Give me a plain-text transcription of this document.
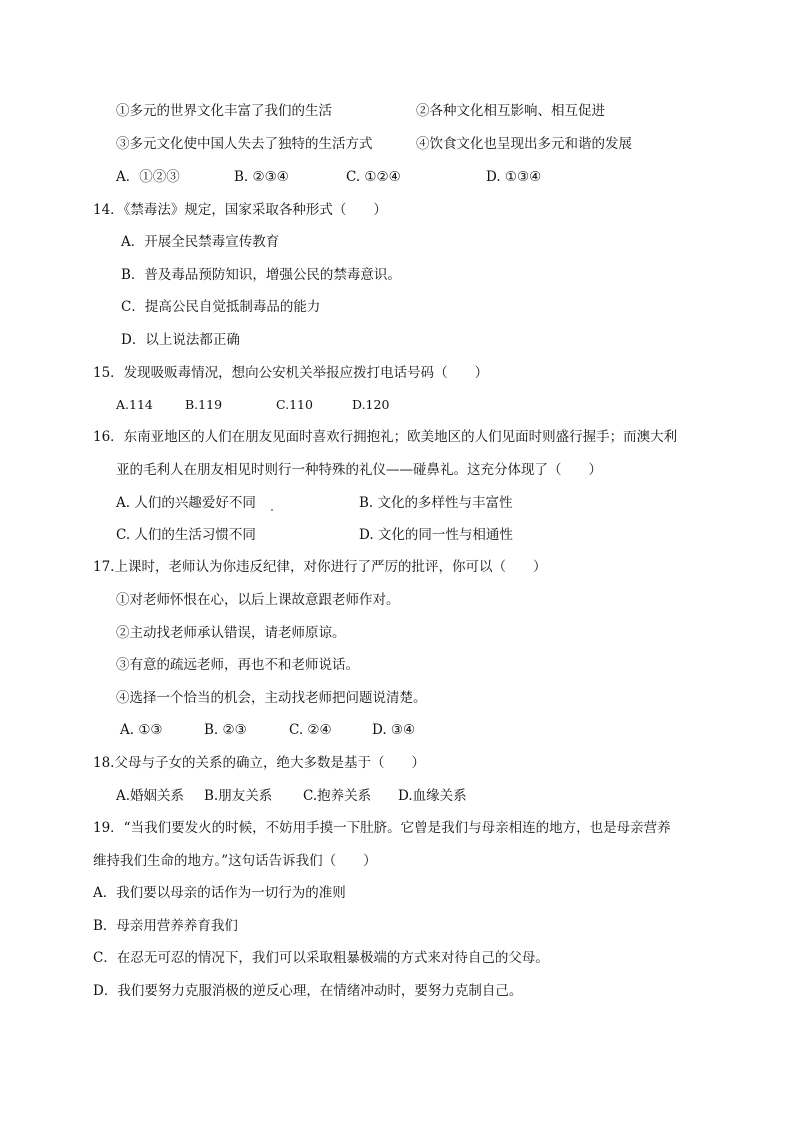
①多元的世界文化丰富了我们的生活	②各种文化相互影响、相互促进
③多元文化使中国人失去了独特的生活方式	④饮食文化也呈现出多元和谐的发展
A．①②③	B. ②③④	C. ①②④	D. ①③④
14．《禁毒法》规定，国家采取各种形式（　　）
A．开展全民禁毒宣传教育
B．普及毒品预防知识，增强公民的禁毒意识。
C．提高公民自觉抵制毒品的能力
D．以上说法都正确
15．发现吸贩毒情况，想向公安机关举报应拨打电话号码（　　）
A.114	B.119	C.110	D.120
16．东南亚地区的人们在朋友见面时喜欢行拥抱礼；欧美地区的人们见面时则盛行握手；而澳大利
亚的毛利人在朋友相见时则行一种特殊的礼仪——碰鼻礼。这充分体现了（　　）
A. 人们的兴趣爱好不同	B. 文化的多样性与丰富性
C. 人们的生活习惯不同	D. 文化的同一性与相通性
17.上课时，老师认为你违反纪律，对你进行了严厉的批评，你可以（　　）
①对老师怀恨在心，以后上课故意跟老师作对。
②主动找老师承认错误，请老师原谅。
③有意的疏远老师，再也不和老师说话。
④选择一个恰当的机会，主动找老师把问题说清楚。
A. ①③	B. ②③	C. ②④	D. ③④
18.父母与子女的关系的确立，绝大多数是基于（　　）
A.婚姻关系 B.朋友关系 C.抱养关系 D.血缘关系
19．“当我们要发火的时候，不妨用手摸一下肚脐。它曾是我们与母亲相连的地方，也是母亲营养
维持我们生命的地方。”这句话告诉我们（　　）
A．我们要以母亲的话作为一切行为的准则
B．母亲用营养养育我们
C．在忍无可忍的情况下，我们可以采取粗暴极端的方式来对待自己的父母。
D．我们要努力克服消极的逆反心理，在情绪冲动时，要努力克制自己。
